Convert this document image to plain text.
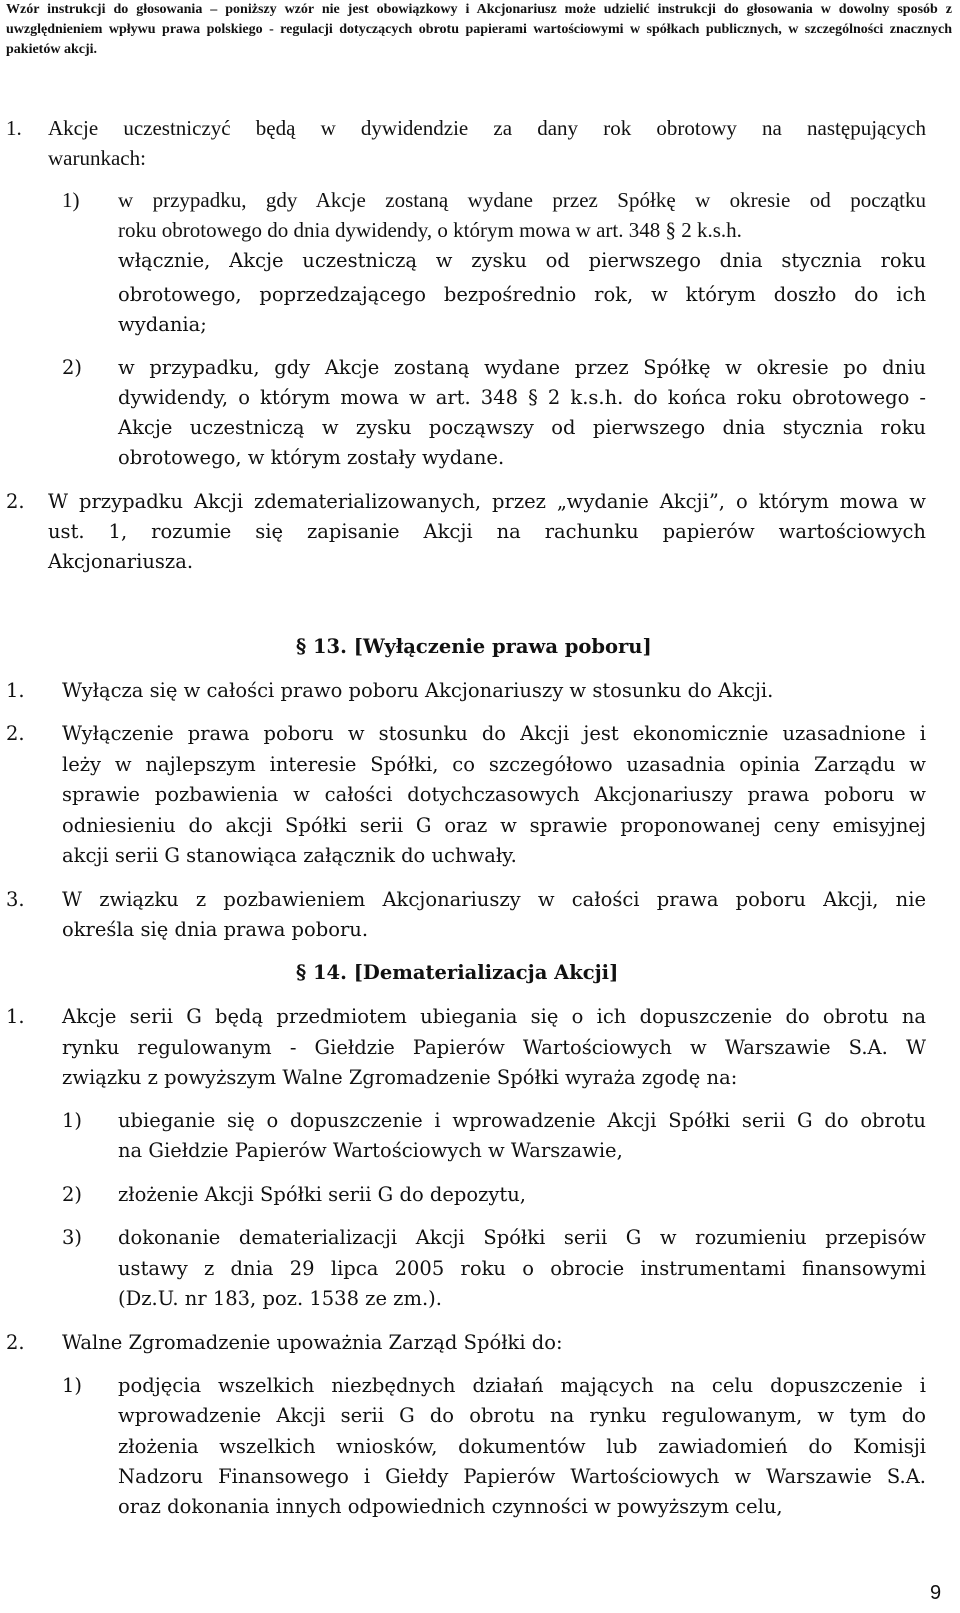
Wzór instrukcji do głosowania – poniższy wzór nie jest obowiązkowy i Akcjonariusz może udzielić instrukcji do głosowania w dowolny sposób z uwzględnieniem wpływu prawa polskiego - regulacji dotyczących obrotu papierami wartościowymi w spółkach publicznych, w szczególności znacznych pakietów akcji.
1. Akcje uczestniczyć będą w dywidendzie za dany rok obrotowy na następujących
warunkach:
1) w przypadku, gdy Akcje zostaną wydane przez Spółkę w okresie od początku
roku obrotowego do dnia dywidendy, o którym mowa w art. 348 § 2 k.s.h.
włącznie, Akcje uczestniczą w zysku od pierwszego dnia stycznia roku
obrotowego, poprzedzającego bezpośrednio rok, w którym doszło do ich
wydania;
2) w przypadku, gdy Akcje zostaną wydane przez Spółkę w okresie po dniu
dywidendy, o którym mowa w art. 348 § 2 k.s.h. do końca roku obrotowego -
Akcje uczestniczą w zysku począwszy od pierwszego dnia stycznia roku
obrotowego, w którym zostały wydane.
2. W przypadku Akcji zdematerializowanych, przez „wydanie Akcji”, o którym mowa w
ust. 1, rozumie się zapisanie Akcji na rachunku papierów wartościowych
Akcjonariusza.
§ 13. [Wyłączenie prawa poboru]
1. Wyłącza się w całości prawo poboru Akcjonariuszy w stosunku do Akcji.
2. Wyłączenie prawa poboru w stosunku do Akcji jest ekonomicznie uzasadnione i
leży w najlepszym interesie Spółki, co szczegółowo uzasadnia opinia Zarządu w
sprawie pozbawienia w całości dotychczasowych Akcjonariuszy prawa poboru w
odniesieniu do akcji Spółki serii G oraz w sprawie proponowanej ceny emisyjnej
akcji serii G stanowiąca załącznik do uchwały.
3. W związku z pozbawieniem Akcjonariuszy w całości prawa poboru Akcji, nie
określa się dnia prawa poboru.
§ 14. [Dematerializacja Akcji]
1. Akcje serii G będą przedmiotem ubiegania się o ich dopuszczenie do obrotu na
rynku regulowanym - Giełdzie Papierów Wartościowych w Warszawie S.A. W
związku z powyższym Walne Zgromadzenie Spółki wyraża zgodę na:
1) ubieganie się o dopuszczenie i wprowadzenie Akcji Spółki serii G do obrotu
na Giełdzie Papierów Wartościowych w Warszawie,
2) złożenie Akcji Spółki serii G do depozytu,
3) dokonanie dematerializacji Akcji Spółki serii G w rozumieniu przepisów
ustawy z dnia 29 lipca 2005 roku o obrocie instrumentami finansowymi
(Dz.U. nr 183, poz. 1538 ze zm.).
2. Walne Zgromadzenie upoważnia Zarząd Spółki do:
1) podjęcia wszelkich niezbędnych działań mających na celu dopuszczenie i
wprowadzenie Akcji serii G do obrotu na rynku regulowanym, w tym do
złożenia wszelkich wniosków, dokumentów lub zawiadomień do Komisji
Nadzoru Finansowego i Giełdy Papierów Wartościowych w Warszawie S.A.
oraz dokonania innych odpowiednich czynności w powyższym celu,
9
